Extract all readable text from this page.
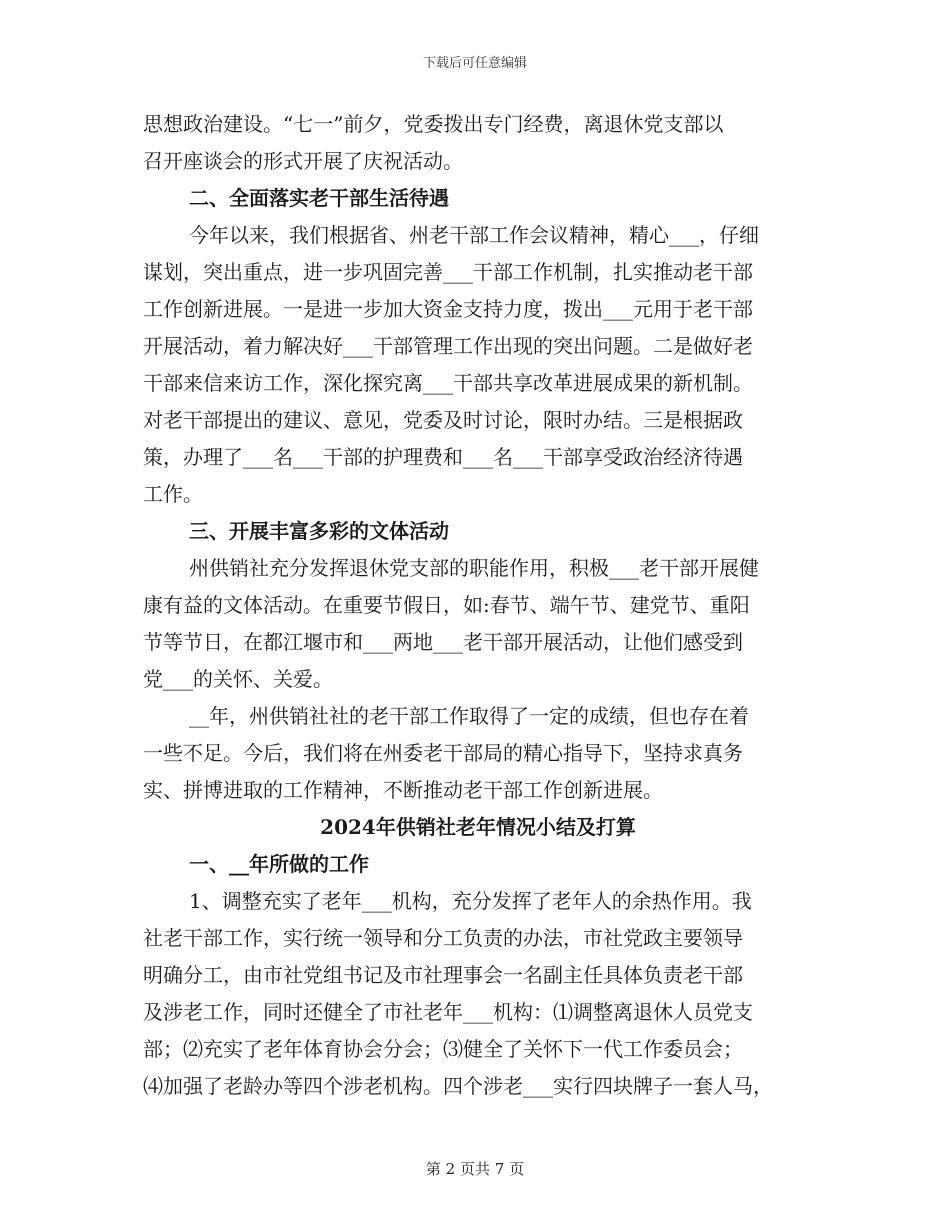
下载后可任意编辑
思想政治建设。“七一”前夕，党委拨出专门经费，离退休党支部以
召开座谈会的形式开展了庆祝活动。
二、全面落实老干部生活待遇
今年以来，我们根据省、州老干部工作会议精神，精心___，仔细
谋划，突出重点，进一步巩固完善___干部工作机制，扎实推动老干部
工作创新进展。一是进一步加大资金支持力度，拨出___元用于老干部
开展活动，着力解决好___干部管理工作出现的突出问题。二是做好老
干部来信来访工作，深化探究离___干部共享改革进展成果的新机制。
对老干部提出的建议、意见，党委及时讨论，限时办结。三是根据政
策，办理了___名___干部的护理费和___名___干部享受政治经济待遇
工作。
三、开展丰富多彩的文体活动
州供销社充分发挥退休党支部的职能作用，积极___老干部开展健
康有益的文体活动。在重要节假日，如:春节、端午节、建党节、重阳
节等节日，在都江堰市和___两地___老干部开展活动，让他们感受到
党___的关怀、关爱。
__年，州供销社社的老干部工作取得了一定的成绩，但也存在着
一些不足。今后，我们将在州委老干部局的精心指导下，坚持求真务
实、拼博进取的工作精神，不断推动老干部工作创新进展。
2024年供销社老年情况小结及打算
一、__年所做的工作
1、调整充实了老年___机构，充分发挥了老年人的余热作用。我
社老干部工作，实行统一领导和分工负责的办法，市社党政主要领导
明确分工，由市社党组书记及市社理事会一名副主任具体负责老干部
及涉老工作，同时还健全了市社老年___机构：⑴调整离退休人员党支
部；⑵充实了老年体育协会分会；⑶健全了关怀下一代工作委员会；
⑷加强了老龄办等四个涉老机构。四个涉老___实行四块牌子一套人马，
第 2 页共 7 页
